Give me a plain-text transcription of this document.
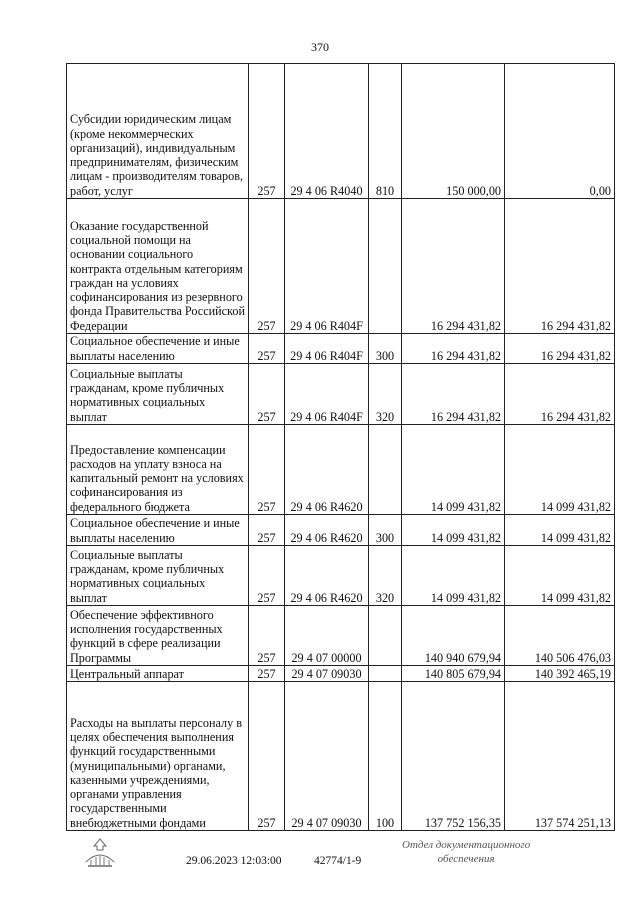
370
Субсидии юридическим лицам (кроме некоммерческих организаций), индивидуальным предпринимателям, физическим лицам - производителям товаров, работ, услуг	257	29 4 06 R4040	810	150 000,00	0,00

Оказание государственной социальной помощи на основании социального контракта отдельным категориям граждан на условиях софинансирования из резервного фонда Правительства Российской Федерации	257	29 4 06 R404F		16 294 431,82	16 294 431,82

Социальное обеспечение и иные выплаты населению	257	29 4 06 R404F	300	16 294 431,82	16 294 431,82

Социальные выплаты гражданам, кроме публичных нормативных социальных выплат	257	29 4 06 R404F	320	16 294 431,82	16 294 431,82

Предоставление компенсации расходов на уплату взноса на капитальный ремонт на условиях софинансирования из федерального бюджета	257	29 4 06 R4620		14 099 431,82	14 099 431,82

Социальное обеспечение и иные выплаты населению	257	29 4 06 R4620	300	14 099 431,82	14 099 431,82

Социальные выплаты гражданам, кроме публичных нормативных социальных выплат	257	29 4 06 R4620	320	14 099 431,82	14 099 431,82

Обеспечение эффективного исполнения государственных функций в сфере реализации Программы	257	29 4 07 00000		140 940 679,94	140 506 476,03

Центральный аппарат	257	29 4 07 09030		140 805 679,94	140 392 465,19

Расходы на выплаты персоналу в целях обеспечения выполнения функций государственными (муниципальными) органами, казенными учреждениями, органами управления государственными внебюджетными фондами	257	29 4 07 09030	100	137 752 156,35	137 574 251,13
29.06.2023 12:03:00	42774/1-9
Отдел документационного
обеспечения
